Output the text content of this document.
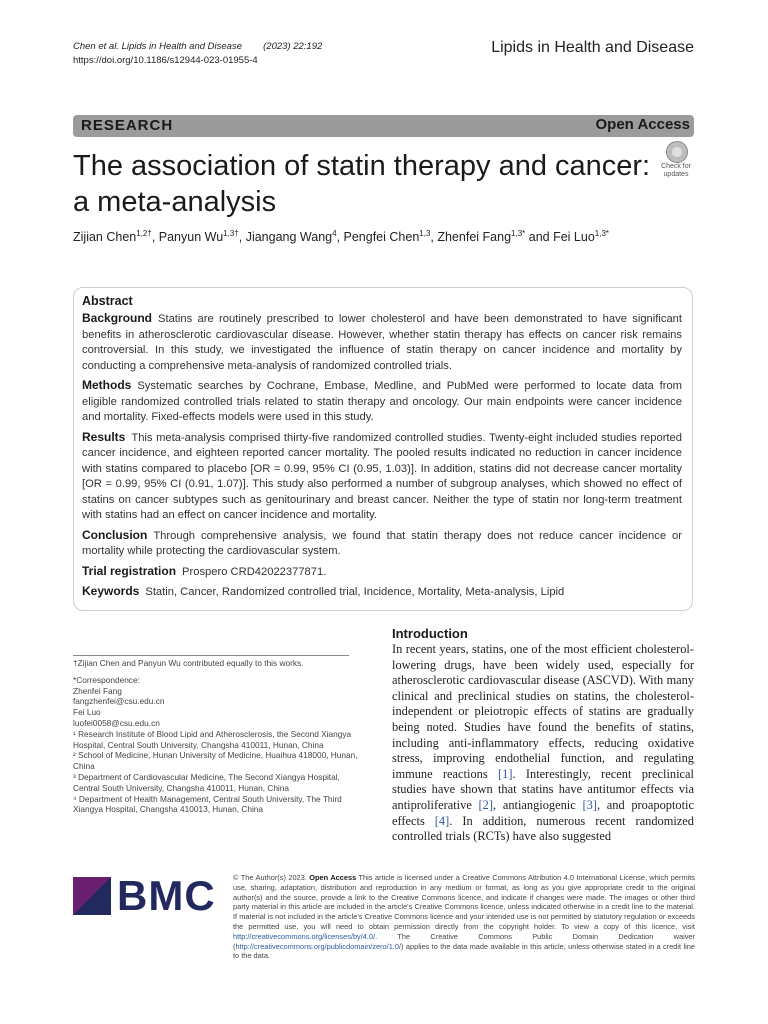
Chen et al. Lipids in Health and Disease (2023) 22:192
https://doi.org/10.1186/s12944-023-01955-4
Lipids in Health and Disease
RESEARCH	Open Access
The association of statin therapy and cancer: a meta-analysis
Check for
updates
Zijian Chen$^{1,2\dagger}$, Panyun $Wu^{1,3\dagger}$, Jiangang Wang$^4$, Pengfei Chen$^{1,3}$, Zhenfei Fang$^{1,3*}$ and Fei Luo$^{1,3*}$
Abstract

Background Statins are routinely prescribed to lower cholesterol and have been demonstrated to have significant benefits in atherosclerotic cardiovascular disease. However, whether statin therapy has effects on cancer risk remains controversial. In this study, we investigated the influence of statin therapy on cancer incidence and mortality by conducting a comprehensive meta-analysis of randomized controlled trials.

Methods Systematic searches by Cochrane, Embase, Medline, and PubMed were performed to locate data from eligible randomized controlled trials related to statin therapy and oncology. Our main endpoints were cancer incidence and mortality. Fixed-effects models were used in this study.

Results This meta-analysis comprised thirty-five randomized controlled studies. Twenty-eight included studies reported cancer incidence, and eighteen reported cancer mortality. The pooled results indicated no reduction in cancer incidence with statins compared to placebo [OR = 0.99, 95% CI (0.95, 1.03)]. In addition, statins did not decrease cancer mortality [OR = 0.99, 95% CI (0.91, 1.07)]. This study also performed a number of subgroup analyses, which showed no effect of statins on cancer subtypes such as genitourinary and breast cancer. Neither the type of statin nor long-term treatment with statins had an effect on cancer incidence and mortality.

Conclusion Through comprehensive analysis, we found that statin therapy does not reduce cancer incidence or mortality while protecting the cardiovascular system.

Trial registration Prospero CRD42022377871.

Keywords Statin, Cancer, Randomized controlled trial, Incidence, Mortality, Meta-analysis, Lipid

†Zijian Chen and Panyun Wu contributed equally to this works.
*Correspondence:
Zhenfei Fang
fangzhenfei@csu.edu.cn
Fei Luo
luofei0058@csu.edu.cn
¹ Research Institute of Blood Lipid and Atherosclerosis, the Second Xiangya Hospital, Central South University, Changsha 410011, Hunan, China
² School of Medicine, Hunan University of Medicine, Huaihua 418000, Hunan, China
³ Department of Cardiovascular Medicine, The Second Xiangya Hospital, Central South University, Changsha 410011, Hunan, China
⁴ Department of Health Management, Central South University, The Third Xiangya Hospital, Changsha 410013, Hunan, China
Introduction
In recent years, statins, one of the most efficient cholesterol-lowering drugs, have been widely used, especially for atherosclerotic cardiovascular disease (ASCVD). With many clinical and preclinical studies on statins, the cholesterol-independent or pleiotropic effects of statins are gradually being noted. Studies have found the benefits of statins, including anti-inflammatory effects, reducing oxidative stress, improving endothelial function, and regulating immune reactions [1]. Interestingly, recent preclinical studies have shown that statins have antitumor effects via antiproliferative [2], antiangiogenic [3], and proapoptotic effects [4]. In addition, numerous recent randomized controlled trials (RCTs) have also suggested
BMC © The Author(s) 2023. Open Access This article is licensed under a Creative Commons Attribution 4.0 International License, which permits use, sharing, adaptation, distribution and reproduction in any medium or format, as long as you give appropriate credit to the original author(s) and the source, provide a link to the Creative Commons licence, and indicate if changes were made. The images or other third party material in this article are included in the article's Creative Commons licence, unless indicated otherwise in a credit line to the material. If material is not included in the article's Creative Commons licence and your intended use is not permitted by statutory regulation or exceeds the permitted use, you will need to obtain permission directly from the copyright holder. To view a copy of this licence, visit http://creativecommons.org/licenses/by/4.0/. The Creative Commons Public Domain Dedication waiver (http://creativecommons.org/publicdomain/zero/1.0/) applies to the data made available in this article, unless otherwise stated in a credit line to the data.
